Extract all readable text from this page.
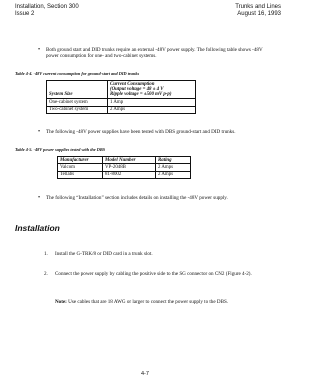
Installation, Section 300
Issue 2
Trunks and Lines
August 16, 1993
•	Both ground start and DID trunks require an external -48V power supply. The following table shows -48V power consumption for one- and two-cabinet systems.
Table 4-4. -48V current consumption for ground-start and DID trunks
System Size	Current Consumption
(Output voltage = 48 ± 4 V
Ripple voltage = ±500 mV p-p)

One-cabinet system	1 Amp
Two-cabinet system	2 Amps
•	The following -48V power supplies have been tested with DBS ground-start and DID trunks.
Table 4-5. -48V power supplies tested with the DBS
Manufacturer	Model Number	Rating
Valcom	VP-2048B	2 Amps
Tellabs	81-8002	2 Amps
•	The following “Installation” section includes details on installing the -48V power supply.
Installation
1. Install the G-TRK/8 or DID card in a trunk slot.
2. Connect the power supply by cabling the positive side to the SG connector on CN2 (Figure 4-2).
Note: Use cables that are 18 AWG or larger to connect the power supply to the DBS.
4-7
